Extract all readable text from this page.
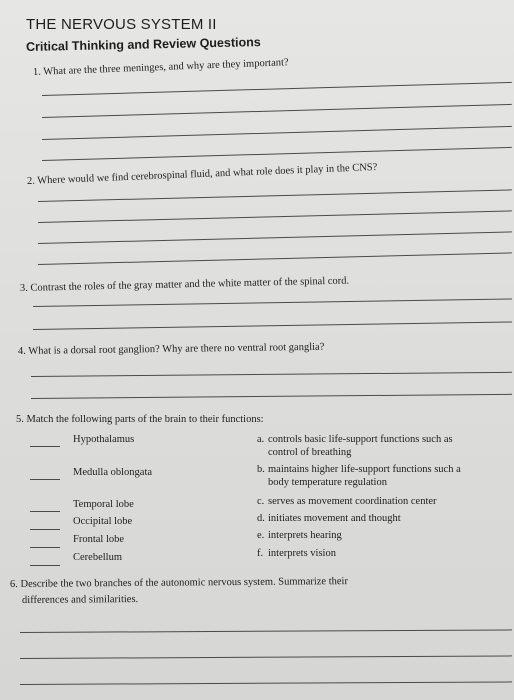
THE NERVOUS SYSTEM II
Critical Thinking and Review Questions
1. What are the three meninges, and why are they important?
2. Where would we find cerebrospinal fluid, and what role does it play in the CNS?
3. Contrast the roles of the gray matter and the white matter of the spinal cord.
4. What is a dorsal root ganglion? Why are there no ventral root ganglia?
5. Match the following parts of the brain to their functions:
Hypothalamus
Medulla oblongata
Temporal lobe
Occipital lobe
Frontal lobe
Cerebellum
a. controls basic life-support functions such as
control of breathing
b. maintains higher life-support functions such a
body temperature regulation
c. serves as movement coordination center
d. initiates movement and thought
e. interprets hearing
f. interprets vision
6. Describe the two branches of the autonomic nervous system. Summarize their
differences and similarities.
